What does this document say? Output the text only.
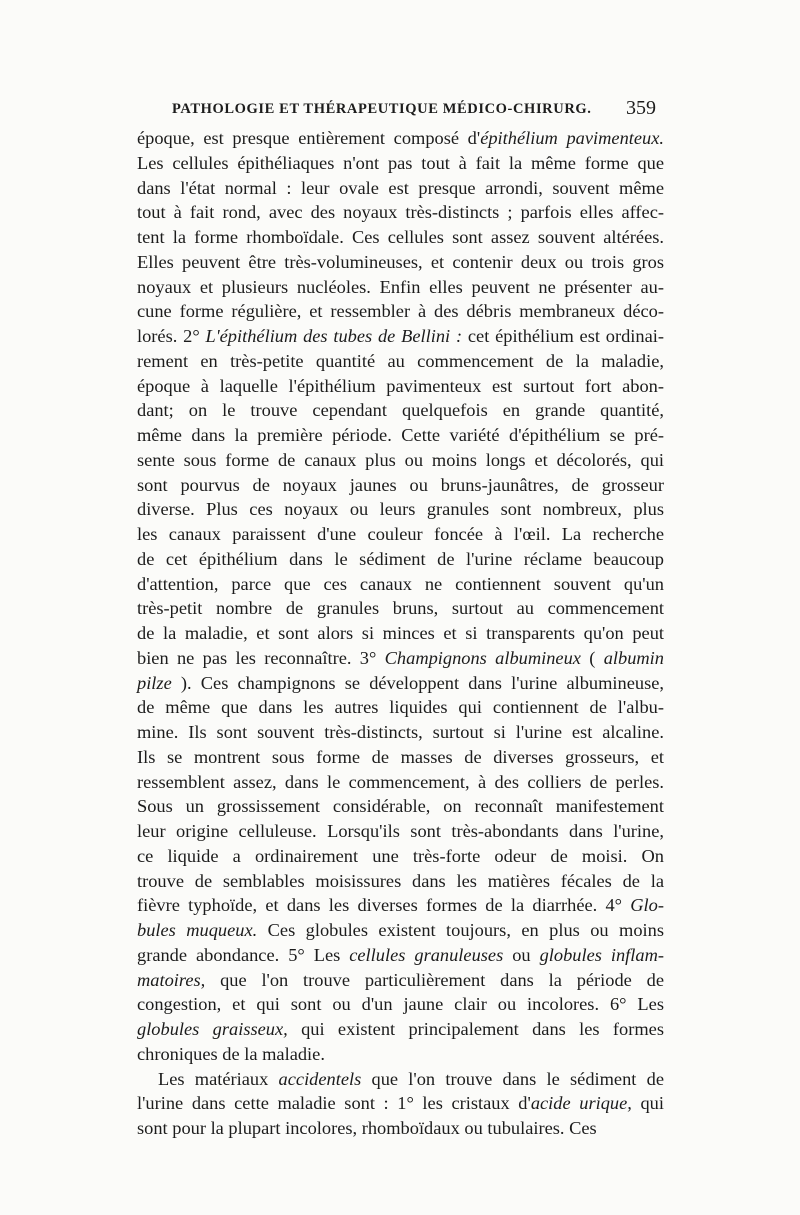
PATHOLOGIE ET THÉRAPEUTIQUE MÉDICO-CHIRURG. 359
époque, est presque entièrement composé d'épithélium pavimenteux.
Les cellules épithéliaques n'ont pas tout à fait la même forme que
dans l'état normal : leur ovale est presque arrondi, souvent même
tout à fait rond, avec des noyaux très-distincts ; parfois elles affec-
tent la forme rhomboïdale. Ces cellules sont assez souvent altérées.
Elles peuvent être très-volumineuses, et contenir deux ou trois gros
noyaux et plusieurs nucléoles. Enfin elles peuvent ne présenter au-
cune forme régulière, et ressembler à des débris membraneux déco-
lorés. 2° L'épithélium des tubes de Bellini : cet épithélium est ordinai-
rement en très-petite quantité au commencement de la maladie,
époque à laquelle l'épithélium pavimenteux est surtout fort abon-
dant; on le trouve cependant quelquefois en grande quantité,
même dans la première période. Cette variété d'épithélium se pré-
sente sous forme de canaux plus ou moins longs et décolorés, qui
sont pourvus de noyaux jaunes ou bruns-jaunâtres, de grosseur
diverse. Plus ces noyaux ou leurs granules sont nombreux, plus
les canaux paraissent d'une couleur foncée à l'œil. La recherche
de cet épithélium dans le sédiment de l'urine réclame beaucoup
d'attention, parce que ces canaux ne contiennent souvent qu'un
très-petit nombre de granules bruns, surtout au commencement
de la maladie, et sont alors si minces et si transparents qu'on peut
bien ne pas les reconnaître. 3° Champignons albumineux ( albumin
pilze ). Ces champignons se développent dans l'urine albumineuse,
de même que dans les autres liquides qui contiennent de l'albu-
mine. Ils sont souvent très-distincts, surtout si l'urine est alcaline.
Ils se montrent sous forme de masses de diverses grosseurs, et
ressemblent assez, dans le commencement, à des colliers de perles.
Sous un grossissement considérable, on reconnaît manifestement
leur origine celluleuse. Lorsqu'ils sont très-abondants dans l'urine,
ce liquide a ordinairement une très-forte odeur de moisi. On
trouve de semblables moisissures dans les matières fécales de la
fièvre typhoïde, et dans les diverses formes de la diarrhée. 4° Glo-
bules muqueux. Ces globules existent toujours, en plus ou moins
grande abondance. 5° Les cellules granuleuses ou globules inflam-
matoires, que l'on trouve particulièrement dans la période de
congestion, et qui sont ou d'un jaune clair ou incolores. 6° Les
globules graisseux, qui existent principalement dans les formes
chroniques de la maladie.
Les matériaux accidentels que l'on trouve dans le sédiment de
l'urine dans cette maladie sont : 1° les cristaux d'acide urique, qui
sont pour la plupart incolores, rhomboïdaux ou tubulaires. Ces
